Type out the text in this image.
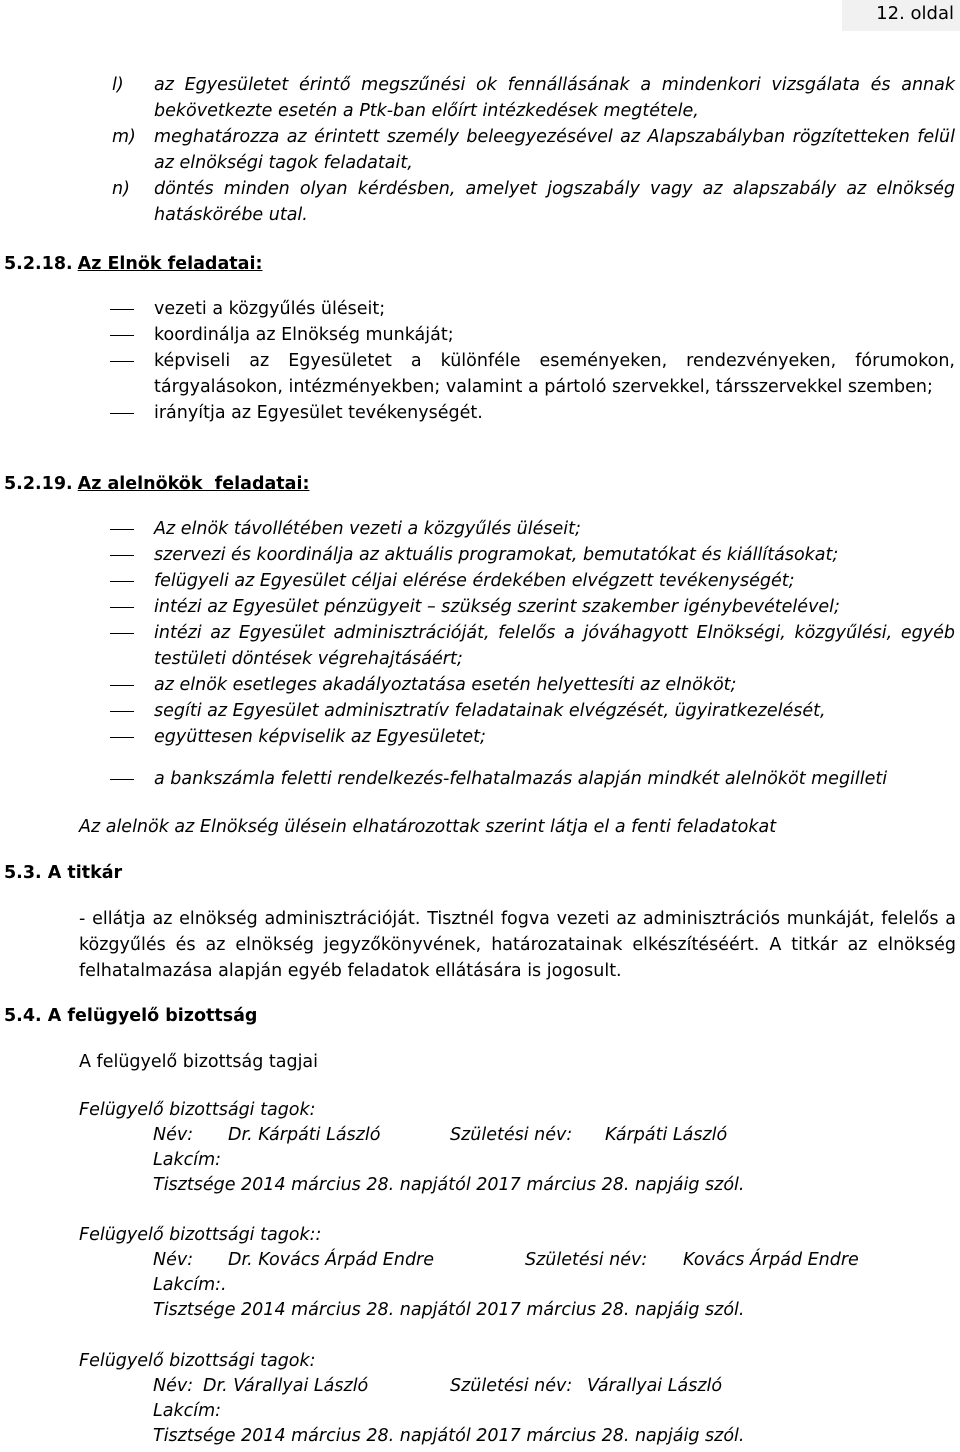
12. oldal
l) az Egyesületet érintő megszűnési ok fennállásának a mindenkori vizsgálata és annak bekövetkezte esetén a Ptk-ban előírt intézkedések megtétele,
m) meghatározza az érintett személy beleegyezésével az Alapszabályban rögzítetteken felül az elnökségi tagok feladatait,
n) döntés minden olyan kérdésben, amelyet jogszabály vagy az alapszabály az elnökség hatáskörébe utal.
5.2.18. Az Elnök feladatai:
vezeti a közgyűlés üléseit;
koordinálja az Elnökség munkáját;
képviseli az Egyesületet a különféle eseményeken, rendezvényeken, fórumokon, tárgyalásokon, intézményekben; valamint a pártoló szervekkel, társszervekkel szemben;
irányítja az Egyesület tevékenységét.
5.2.19. Az alelnökök  feladatai:
Az elnök távollétében vezeti a közgyűlés üléseit;
szervezi és koordinálja az aktuális programokat, bemutatókat és kiállításokat;
felügyeli az Egyesület céljai elérése érdekében elvégzett tevékenységét;
intézi az Egyesület pénzügyeit – szükség szerint szakember igénybevételével;
intézi az Egyesület adminisztrációját, felelős a jóváhagyott Elnökségi, közgyűlési, egyéb testületi döntések végrehajtásáért;
az elnök esetleges akadályoztatása esetén helyettesíti az elnököt;
segíti az Egyesület adminisztratív feladatainak elvégzését, ügyiratkezelését,
együttesen képviselik az Egyesületet;
a bankszámla feletti rendelkezés-felhatalmazás alapján mindkét alelnököt megilleti
Az alelnök az Elnökség ülésein elhatározottak szerint látja el a fenti feladatokat
5.3. A titkár
- ellátja az elnökség adminisztrációját. Tisztnél fogva vezeti az adminisztrációs munkáját, felelős a közgyűlés és az elnökség jegyzőkönyvének, határozatainak elkészítéséért. A titkár az elnökség felhatalmazása alapján egyéb feladatok ellátására is jogosult.
5.4. A felügyelő bizottság
A felügyelő bizottság tagjai
Felügyelő bizottsági tagok:
Név: Dr. Kárpáti László	Születési név: Kárpáti László
Lakcím:
Tisztsége 2014 március 28. napjától 2017 március 28. napjáig szól.
Felügyelő bizottsági tagok::
Név: Dr. Kovács Árpád Endre	Születési név: Kovács Árpád Endre
Lakcím:.
Tisztsége 2014 március 28. napjától 2017 március 28. napjáig szól.
Felügyelő bizottsági tagok:
Név: Dr. Várallyai László	Születési név: Várallyai László
Lakcím:
Tisztsége 2014 március 28. napjától 2017 március 28. napjáig szól.
